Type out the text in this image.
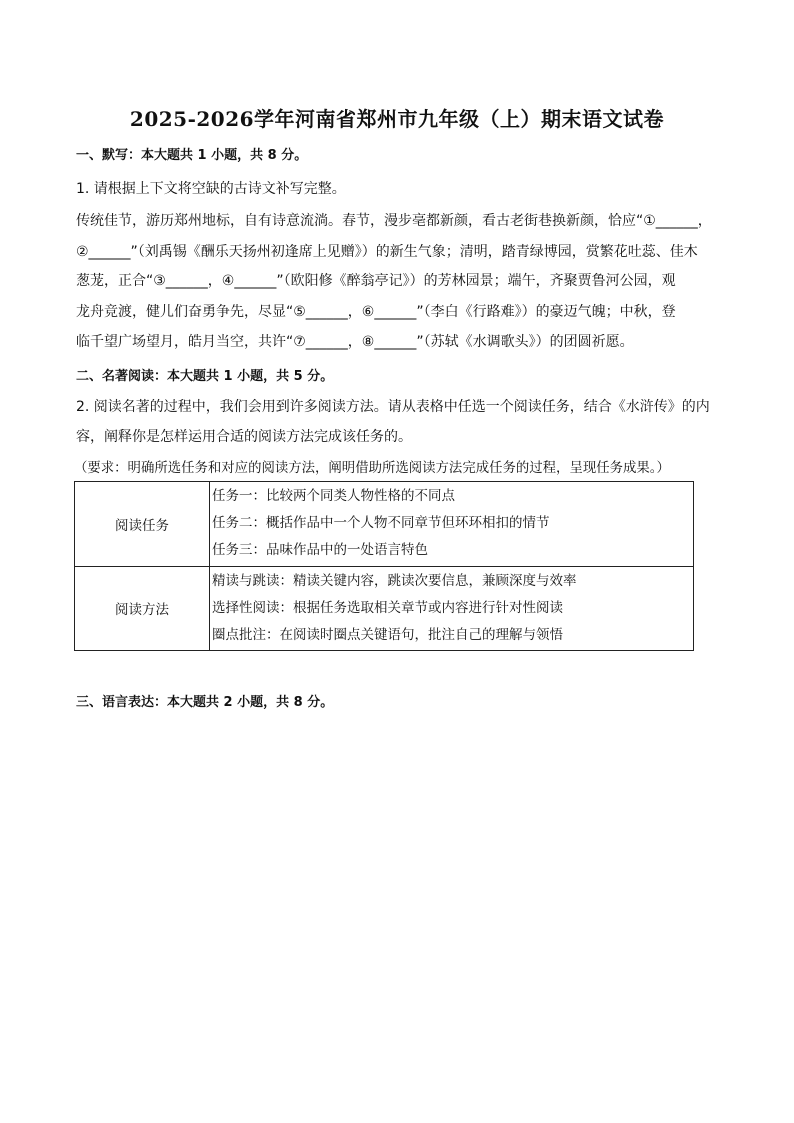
2025-2026学年河南省郑州市九年级（上）期末语文试卷
一、默写：本大题共 1 小题，共 8 分。
1. 请根据上下文将空缺的古诗文补写完整。
传统佳节，游历郑州地标，自有诗意流淌。春节，漫步亳都新颜，看古老街巷换新颜，恰应“①______，
②______”（刘禹锡《酬乐天扬州初逢席上见赠》）的新生气象；清明，踏青绿博园，赏繁花吐蕊、佳木
葱茏，正合“③______，④______”（欧阳修《醉翁亭记》）的芳林园景；端午，齐聚贾鲁河公园，观
龙舟竞渡，健儿们奋勇争先，尽显“⑤______，⑥______”（李白《行路难》）的豪迈气魄；中秋，登
临千望广场望月，皓月当空，共许“⑦______，⑧______”（苏轼《水调歌头》）的团圆祈愿。
二、名著阅读：本大题共 1 小题，共 5 分。
2. 阅读名著的过程中，我们会用到许多阅读方法。请从表格中任选一个阅读任务，结合《水浒传》的内
容，阐释你是怎样运用合适的阅读方法完成该任务的。
（要求：明确所选任务和对应的阅读方法，阐明借助所选阅读方法完成任务的过程，呈现任务成果。）
阅读任务	任务一：比较两个同类人物性格的不同点
任务二：概括作品中一个人物不同章节但环环相扣的情节
任务三：品味作品中的一处语言特色

阅读方法	精读与跳读：精读关键内容，跳读次要信息，兼顾深度与效率
选择性阅读：根据任务选取相关章节或内容进行针对性阅读
圈点批注：在阅读时圈点关键语句，批注自己的理解与领悟
三、语言表达：本大题共 2 小题，共 8 分。
